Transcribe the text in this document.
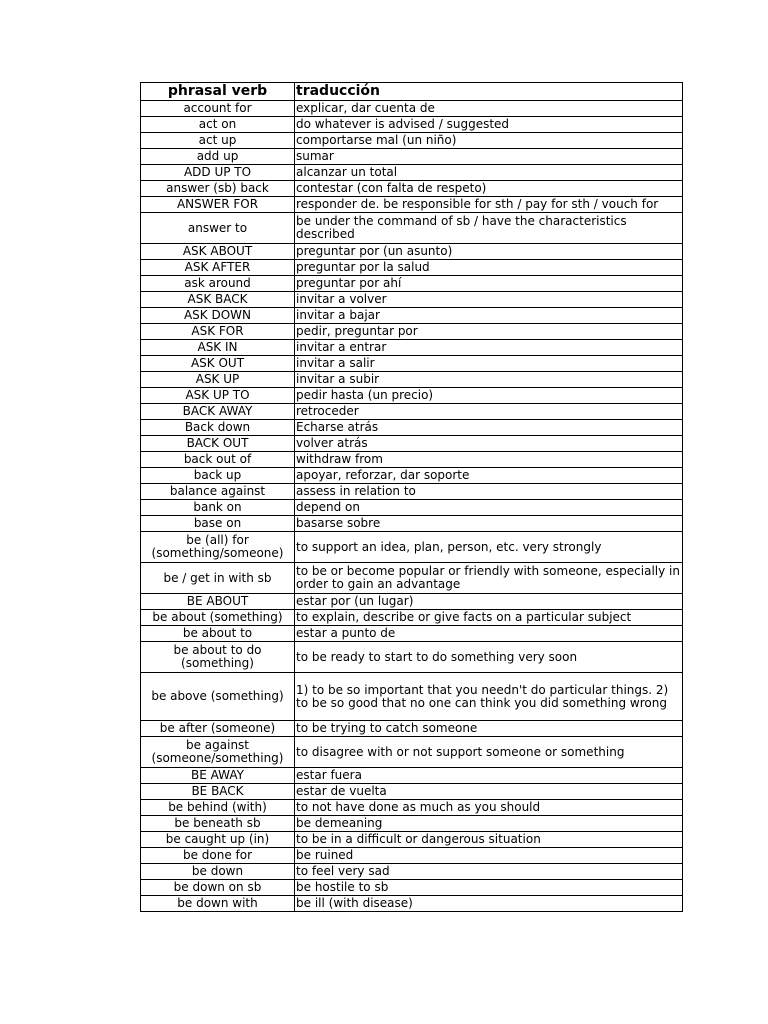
phrasal verb	traducción
account for	explicar, dar cuenta de
act on	do whatever is advised / suggested
act up	comportarse mal (un niño)
add up	sumar
ADD UP TO	alcanzar un total
answer (sb) back	contestar (con falta de respeto)
ANSWER FOR	responder de. be responsible for sth / pay for sth / vouch for
answer to	be under the command of sb / have the characteristics described
ASK ABOUT	preguntar por (un asunto)
ASK AFTER	preguntar por la salud
ask around	preguntar por ahí
ASK BACK	invitar a volver
ASK DOWN	invitar a bajar
ASK FOR	pedir, preguntar por
ASK IN	invitar a entrar
ASK OUT	invitar a salir
ASK UP	invitar a subir
ASK UP TO	pedir hasta (un precio)
BACK AWAY	retroceder
Back down	Echarse atrás
BACK OUT	volver atrás
back out of	withdraw from
back up	apoyar, reforzar, dar soporte
balance against	assess in relation to
bank on	depend on
base on	basarse sobre
be (all) for (something/someone)	to support an idea, plan, person, etc. very strongly
be / get in with sb	to be or become popular or friendly with someone, especially in order to gain an advantage
BE ABOUT	estar por (un lugar)
be about (something)	to explain, describe or give facts on a particular subject
be about to	estar a punto de
be about to do (something)	to be ready to start to do something very soon
be above (something)	1) to be so important that you needn't do particular things. 2) to be so good that no one can think you did something wrong
be after (someone)	to be trying to catch someone
be against (someone/something)	to disagree with or not support someone or something
BE AWAY	estar fuera
BE BACK	estar de vuelta
be behind (with)	to not have done as much as you should
be beneath sb	be demeaning
be caught up (in)	to be in a difficult or dangerous situation
be done for	be ruined
be down	to feel very sad
be down on sb	be hostile to sb
be down with	be ill (with disease)
